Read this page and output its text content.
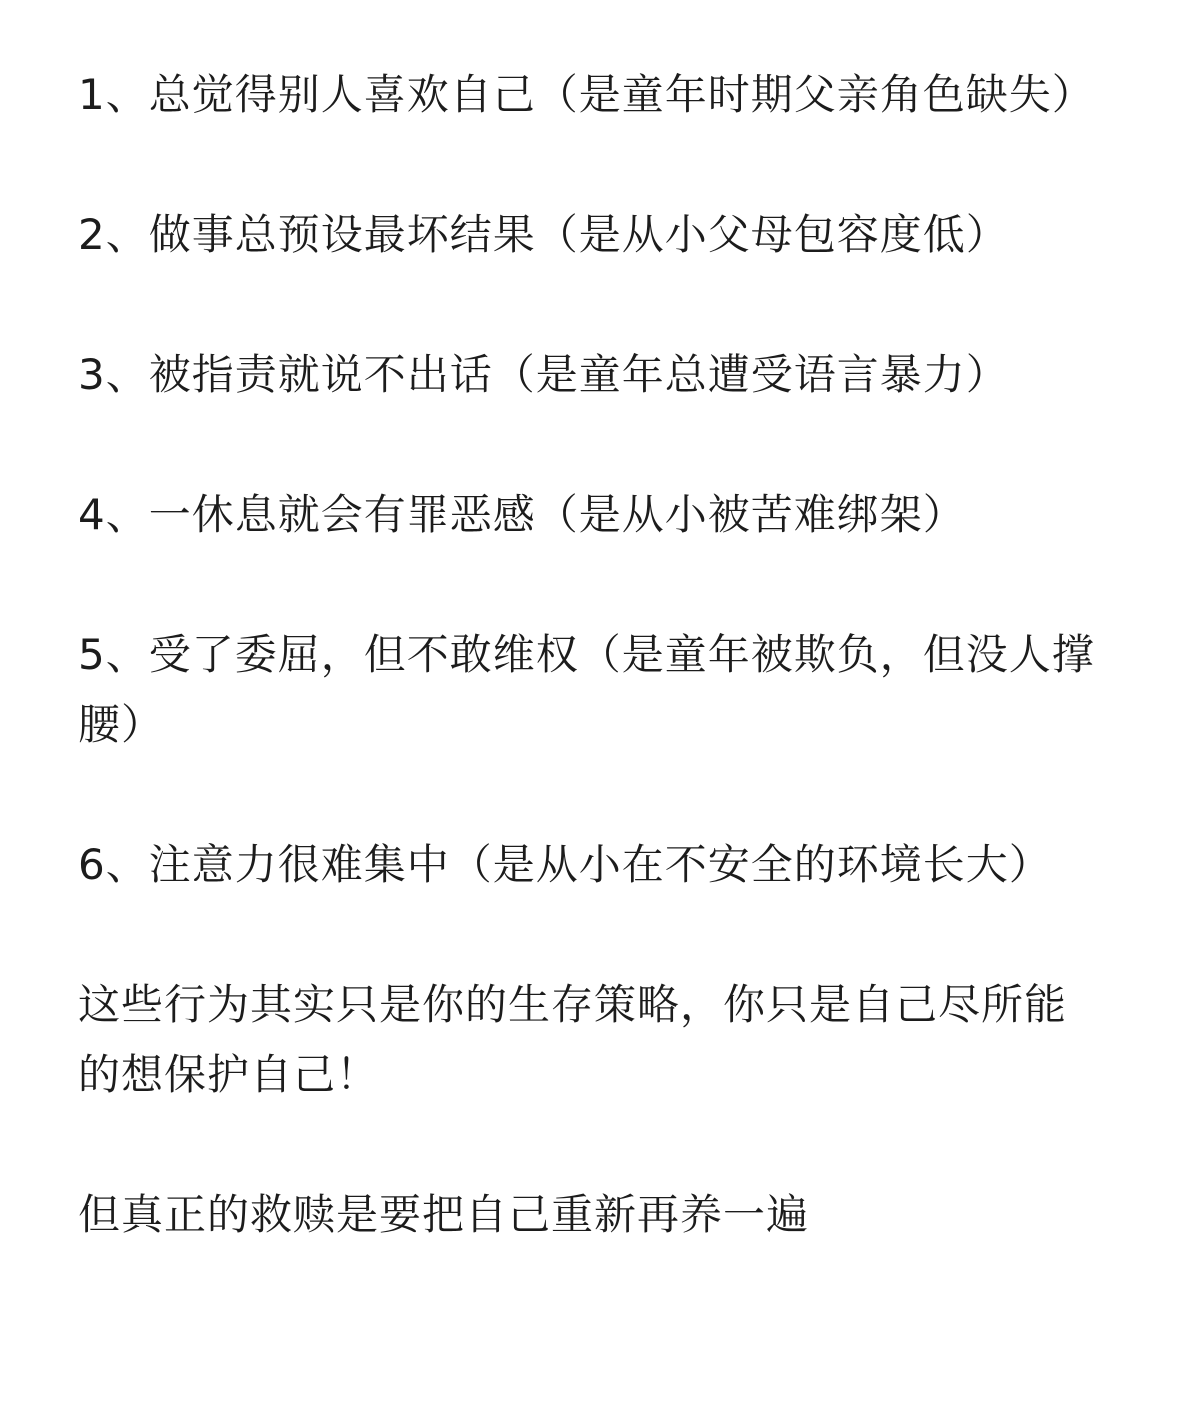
1、总觉得别人喜欢自己（是童年时期父亲角色缺失）

2、做事总预设最坏结果（是从小父母包容度低）

3、被指责就说不出话（是童年总遭受语言暴力）

4、一休息就会有罪恶感（是从小被苦难绑架）

5、受了委屈，但不敢维权（是童年被欺负，但没人撑腰）

6、注意力很难集中（是从小在不安全的环境长大）

这些行为其实只是你的生存策略，你只是自己尽所能的想保护自己！

但真正的救赎是要把自己重新再养一遍
